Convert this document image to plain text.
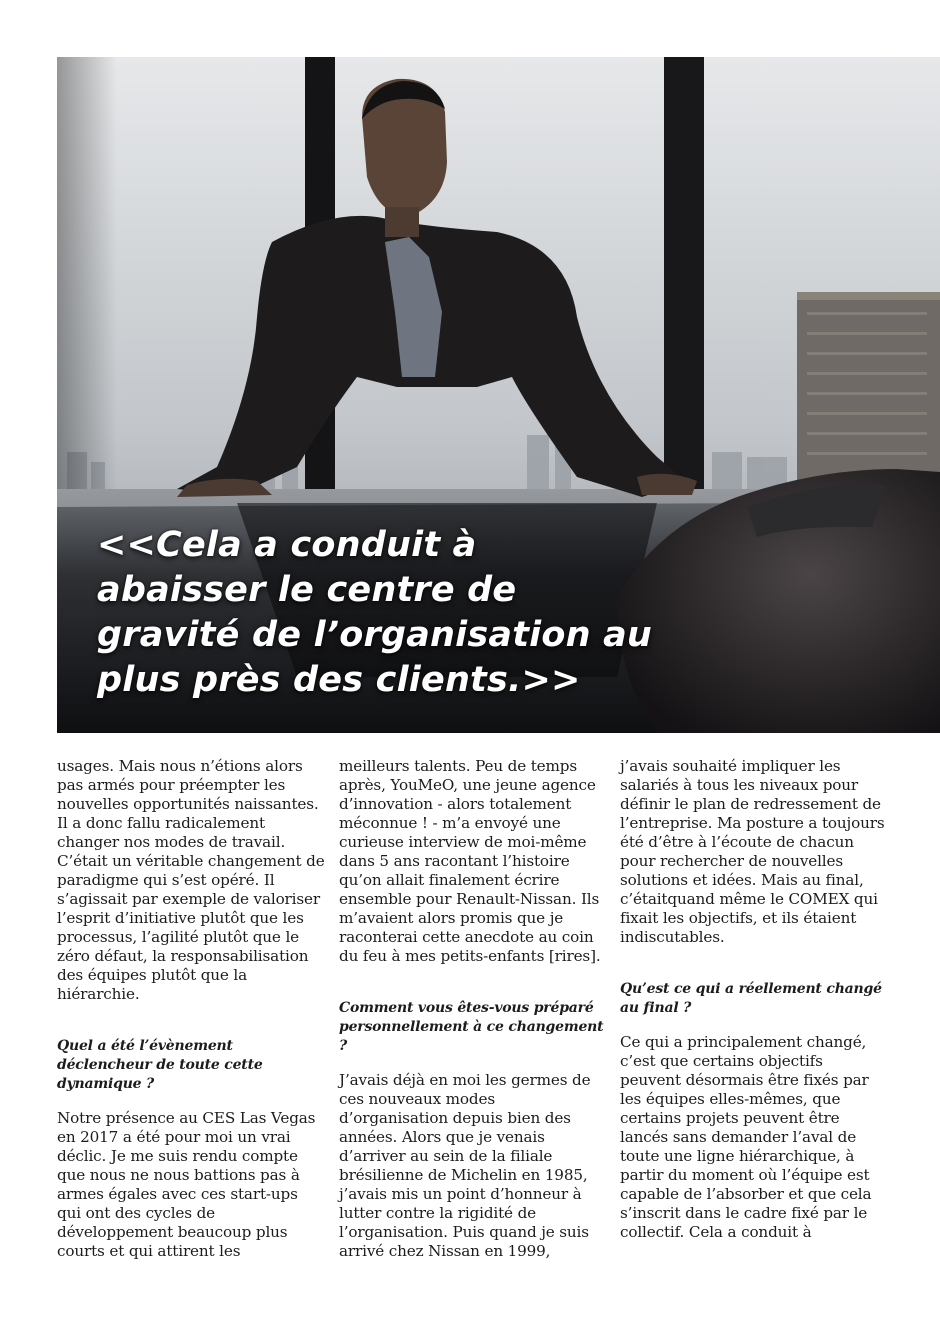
<<Cela a conduit à abaisser le centre de gravité de l’organisation au plus près des clients.>>

usages. Mais nous n’étions alors pas armés pour préempter les nouvelles opportunités naissantes. Il a donc fallu radicalement changer nos modes de travail. C’était un véritable changement de paradigme qui s’est opéré. Il s’agissait par exemple de valoriser l’esprit d’initiative plutôt que les processus, l’agilité plutôt que le zéro défaut, la responsabilisation des équipes plutôt que la hiérarchie.

Quel a été l’évènement déclencheur de toute cette dynamique ?

Notre présence au CES Las Vegas en 2017 a été pour moi un vrai déclic. Je me suis rendu compte que nous ne nous battions pas à armes égales avec ces start-ups qui ont des cycles de développement beaucoup plus courts et qui attirent les

meilleurs talents. Peu de temps après, YouMeO, une jeune agence d’innovation - alors totalement méconnue ! - m’a envoyé une curieuse interview de moi-même dans 5 ans racontant l’histoire qu’on allait finalement écrire ensemble pour Renault-Nissan. Ils m’avaient alors promis que je raconterai cette anecdote au coin du feu à mes petits-enfants [rires].

Comment vous êtes-vous préparé personnellement à ce changement ?

J’avais déjà en moi les germes de ces nouveaux modes d’organisation depuis bien des années. Alors que je venais d’arriver au sein de la filiale brésilienne de Michelin en 1985, j’avais mis un point d’honneur à lutter contre la rigidité de l’organisation. Puis quand je suis arrivé chez Nissan en 1999,

j’avais souhaité impliquer les salariés à tous les niveaux pour définir le plan de redressement de l’entreprise. Ma posture a toujours été d’être à l’écoute de chacun pour rechercher de nouvelles solutions et idées. Mais au final, c’étaitquand même le COMEX qui fixait les objectifs, et ils étaient indiscutables.

Qu’est ce qui a réellement changé au final ?

Ce qui a principalement changé, c’est que certains objectifs peuvent désormais être fixés par les équipes elles-mêmes, que certains projets peuvent être lancés sans demander l’aval de toute une ligne hiérarchique, à partir du moment où l’équipe est capable de l’absorber et que cela s’inscrit dans le cadre fixé par le collectif. Cela a conduit à
